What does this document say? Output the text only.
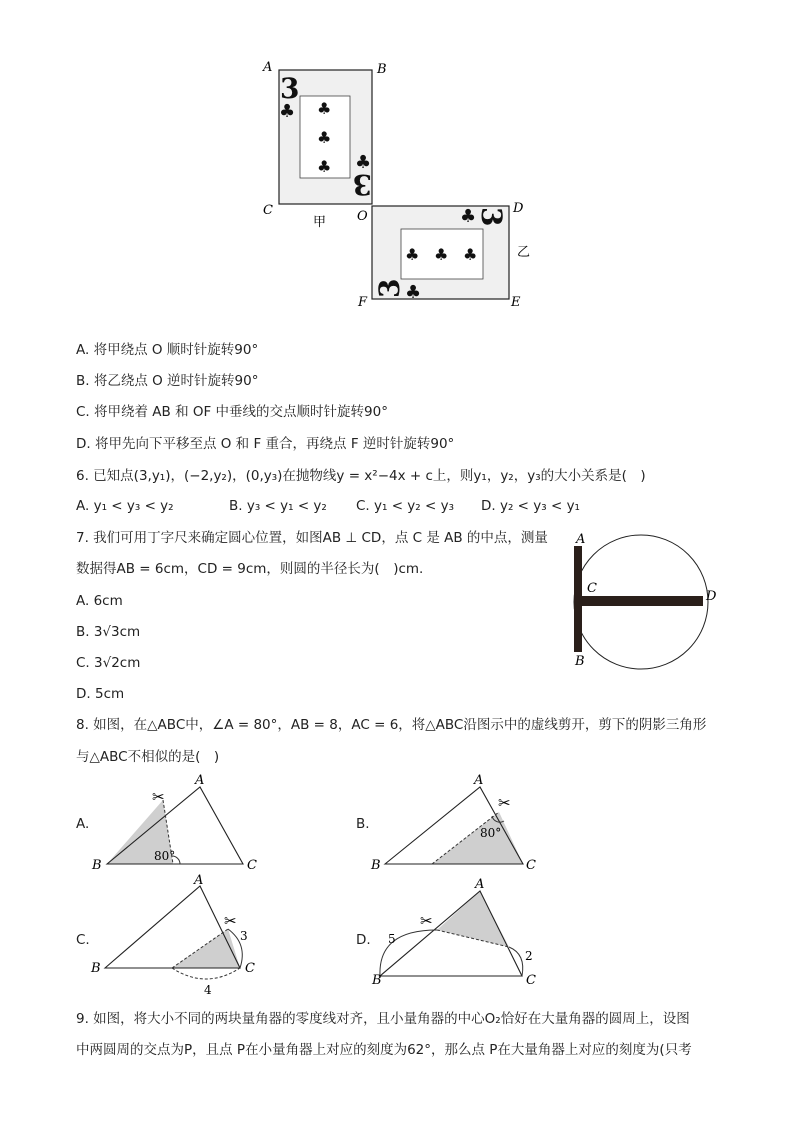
3
♣ ♣
♣
♣ ♣
3
3
♣
♣ ♣ ♣
♣
3
A	B
C	O
D
E
F
甲
乙
A. 将甲绕点 O 顺时针旋转90°
B. 将乙绕点 O 逆时针旋转90°
C. 将甲绕着 AB 和 OF 中垂线的交点顺时针旋转90°
D. 将甲先向下平移至点 O 和 F 重合，再绕点 F 逆时针旋转90°
6. 已知点(3,y₁)，(−2,y₂)，(0,y₃)在抛物线y = x²−4x + c上，则y₁，y₂，y₃的大小关系是(　)
A. y₁ < y₃ < y₂	B. y₃ < y₁ < y₂ C. y₁ < y₂ < y₃ D. y₂ < y₃ < y₁
7. 我们可用丁字尺来确定圆心位置，如图AB ⊥ CD，点 C 是 AB 的中点，测量
数据得AB = 6cm，CD = 9cm，则圆的半径长为(　)cm.
A. 6cm
B. 3√3cm
C. 3√2cm
D. 5cm
A
B
C
D
8. 如图，在△ABC中，∠A = 80°，AB = 8，AC = 6，将△ABC沿图示中的虚线剪开，剪下的阴影三角形
与△ABC不相似的是(　)
A.	B.
C.	D.
✂
A
B	C
80°
✂
A
B	C
80°
✂
A
B	C
3
4
✂
A
B	C
5
2
9. 如图，将大小不同的两块量角器的零度线对齐，且小量角器的中心O₂恰好在大量角器的圆周上，设图
中两圆周的交点为P，且点 P在小量角器上对应的刻度为62°，那么点 P在大量角器上对应的刻度为(只考
